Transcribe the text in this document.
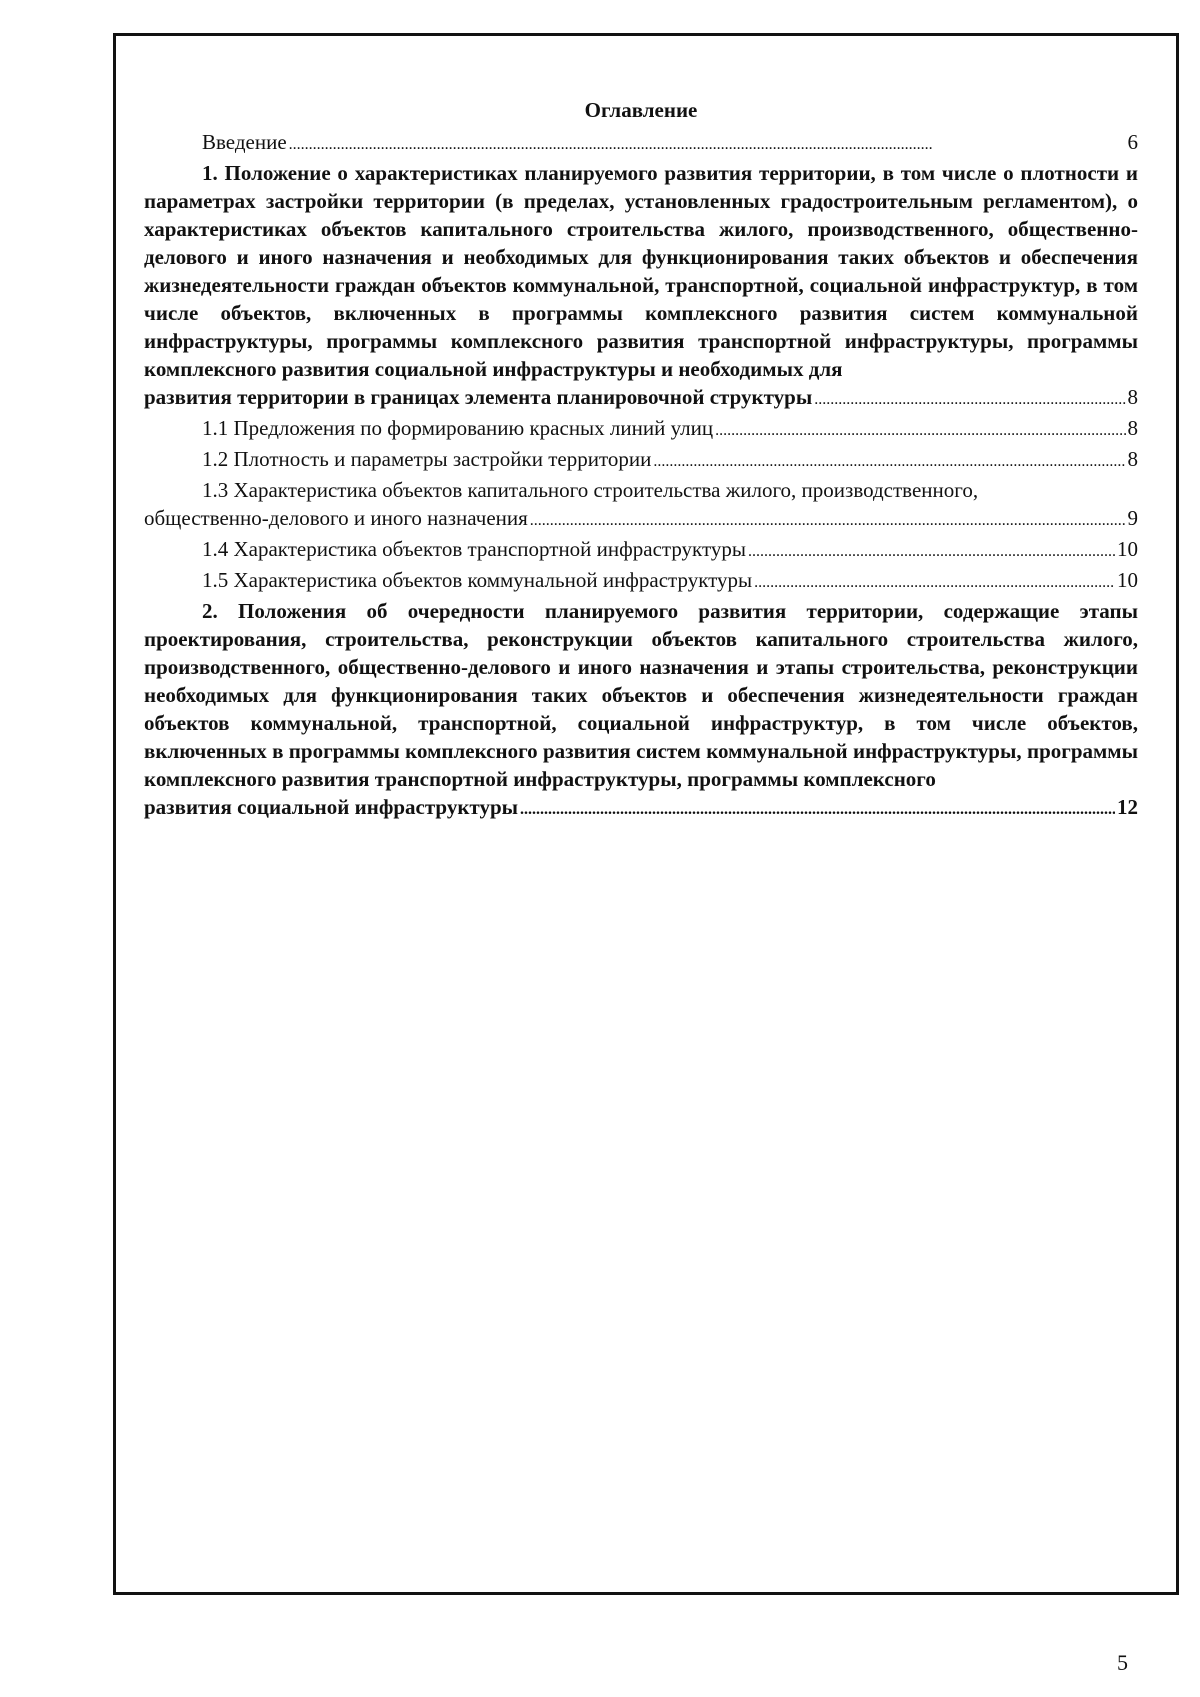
Оглавление
Введение . . .	6
1. Положение о характеристиках планируемого развития территории, в том числе о плотности и параметрах застройки территории (в пределах, установленных градостроительным регламентом), о характеристиках объектов капитального строительства жилого, производственного, общественно-делового и иного назначения и необходимых для функционирования таких объектов и обеспечения жизнедеятельности граждан объектов коммунальной, транспортной, социальной инфраструктур, в том числе объектов, включенных в программы комплексного развития систем коммунальной инфраструктуры, программы комплексного развития транспортной инфраструктуры, программы комплексного развития социальной инфраструктуры и необходимых для
развития территории в границах элемента планировочной структуры . . .	8
1.1 Предложения по формированию красных линий улиц . . .	8
1.2 Плотность и параметры застройки территории . . .	8
1.3 Характеристика объектов капитального строительства жилого, производственного,
общественно-делового и иного назначения . . .	9
1.4 Характеристика объектов транспортной инфраструктуры . . .	10
1.5 Характеристика объектов коммунальной инфраструктуры . . .	10
2. Положения об очередности планируемого развития территории, содержащие этапы проектирования, строительства, реконструкции объектов капитального строительства жилого, производственного, общественно-делового и иного назначения и этапы строительства, реконструкции необходимых для функционирования таких объектов и обеспечения жизнедеятельности граждан объектов коммунальной, транспортной, социальной инфраструктур, в том числе объектов, включенных в программы комплексного развития систем коммунальной инфраструктуры, программы комплексного развития транспортной инфраструктуры, программы комплексного
развития социальной инфраструктуры . . .	12
5
